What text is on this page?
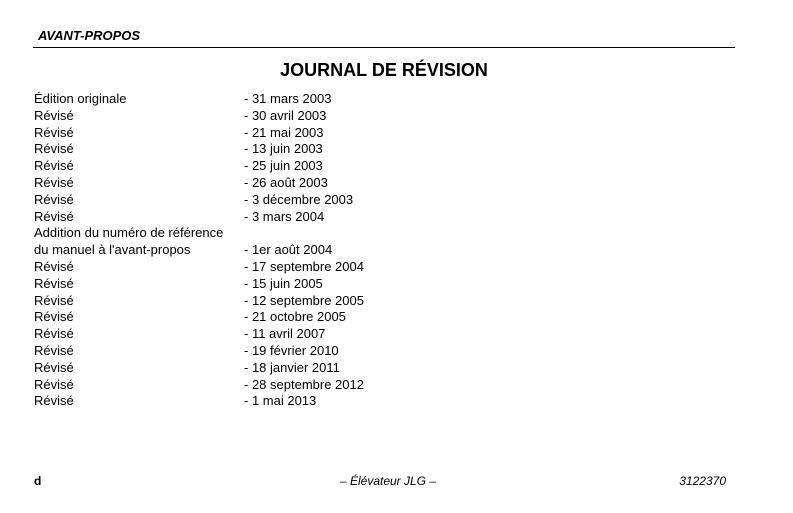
AVANT-PROPOS
JOURNAL DE RÉVISION
Édition originale	- 31 mars 2003
Révisé	- 30 avril 2003
Révisé	- 21 mai 2003
Révisé	- 13 juin 2003
Révisé	- 25 juin 2003
Révisé	- 26 août 2003
Révisé	- 3 décembre 2003
Révisé	- 3 mars 2004
Addition du numéro de référence
du manuel à l'avant-propos	- 1er août 2004
Révisé	- 17 septembre 2004
Révisé	- 15 juin 2005
Révisé	- 12 septembre 2005
Révisé	- 21 octobre 2005
Révisé	- 11 avril 2007
Révisé	- 19 février 2010
Révisé	- 18 janvier 2011
Révisé	- 28 septembre 2012
Révisé	- 1 mai 2013
d	– Élévateur JLG –	3122370
